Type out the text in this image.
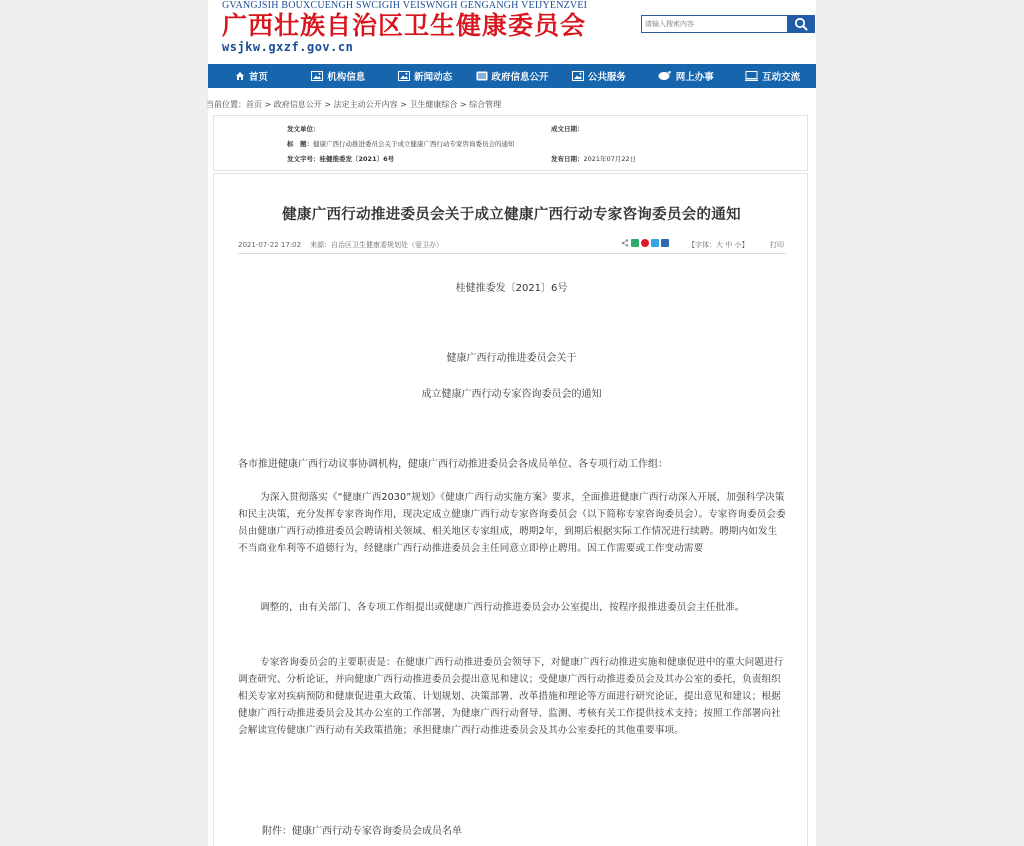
GVANGJSIH BOUXCUENGH SWCIGIH VEISWNGH GENGANGH VEIJYENZVEI
广西壮族自治区卫生健康委员会
wsjkw.gxzf.gov.cn
请输入搜索内容
首页	机构信息	新闻动态	政府信息公开	公共服务	网上办事	互动交流
当前位置：首页 > 政府信息公开 > 法定主动公开内容 > 卫生健康综合 > 综合管理
发文单位：	成文日期：
标　题：健康广西行动推进委员会关于成立健康广西行动专家咨询委员会的通知
发文字号：桂健推委发〔2021〕6号	发布日期：2021年07月22日
健康广西行动推进委员会关于成立健康广西行动专家咨询委员会的通知
2021-07-22 17:02 来源：自治区卫生健康委规划处（爱卫办）	【字体：大 中 小】	打印
桂健推委发〔2021〕6号
健康广西行动推进委员会关于
成立健康广西行动专家咨询委员会的通知
各市推进健康广西行动议事协调机构，健康广西行动推进委员会各成员单位、各专项行动工作组：
为深入贯彻落实《“健康广西2030”规划》《健康广西行动实施方案》要求，全面推进健康广西行动深入开展，加强科学决策和民主决策，充分发挥专家咨询作用，现决定成立健康广西行动专家咨询委员会（以下简称专家咨询委员会）。专家咨询委员会委员由健康广西行动推进委员会聘请相关领域、相关地区专家组成，聘期2年，到期后根据实际工作情况进行续聘。聘期内如发生不当商业牟利等不道德行为，经健康广西行动推进委员会主任同意立即停止聘用。因工作需要或工作变动需要
调整的，由有关部门、各专项工作组提出或健康广西行动推进委员会办公室提出，按程序报推进委员会主任批准。
专家咨询委员会的主要职责是：在健康广西行动推进委员会领导下，对健康广西行动推进实施和健康促进中的重大问题进行调查研究、分析论证，并向健康广西行动推进委员会提出意见和建议；受健康广西行动推进委员会及其办公室的委托，负责组织相关专家对疾病预防和健康促进重大政策、计划规划、决策部署、改革措施和理论等方面进行研究论证，提出意见和建议；根据健康广西行动推进委员会及其办公室的工作部署，为健康广西行动督导、监测、考核有关工作提供技术支持；按照工作部署向社会解读宣传健康广西行动有关政策措施；承担健康广西行动推进委员会及其办公室委托的其他重要事项。
附件：健康广西行动专家咨询委员会成员名单
